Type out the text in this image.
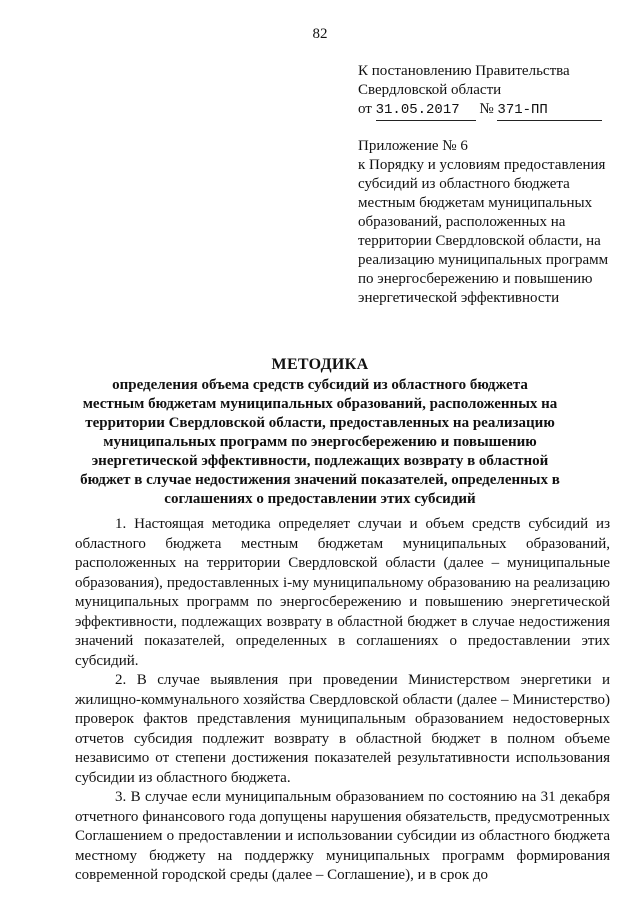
82
К постановлению Правительства
Свердловской области
от 31.05.2017 № 371-ПП
Приложение № 6
к Порядку и условиям предоставления субсидий из областного бюджета местным бюджетам муниципальных образований, расположенных на территории Свердловской области, на реализацию муниципальных программ по энергосбережению и повышению энергетической эффективности
МЕТОДИКА
определения объема средств субсидий из областного бюджета местным бюджетам муниципальных образований, расположенных на территории Свердловской области, предоставленных на реализацию муниципальных программ по энергосбережению и повышению энергетической эффективности, подлежащих возврату в областной бюджет в случае недостижения значений показателей, определенных в соглашениях о предоставлении этих субсидий

1. Настоящая методика определяет случаи и объем средств субсидий из областного бюджета местным бюджетам муниципальных образований, расположенных на территории Свердловской области (далее – муниципальные образования), предоставленных i-му муниципальному образованию на реализацию муниципальных программ по энергосбережению и повышению энергетической эффективности, подлежащих возврату в областной бюджет в случае недостижения значений показателей, определенных в соглашениях о предоставлении этих субсидий.

2. В случае выявления при проведении Министерством энергетики и жилищно-коммунального хозяйства Свердловской области (далее – Министерство) проверок фактов представления муниципальным образованием недостоверных отчетов субсидия подлежит возврату в областной бюджет в полном объеме независимо от степени достижения показателей результативности использования субсидии из областного бюджета.

3. В случае если муниципальным образованием по состоянию на 31 декабря отчетного финансового года допущены нарушения обязательств, предусмотренных Соглашением о предоставлении и использовании субсидии из областного бюджета местному бюджету на поддержку муниципальных программ формирования современной городской среды (далее – Соглашение), и в срок до
